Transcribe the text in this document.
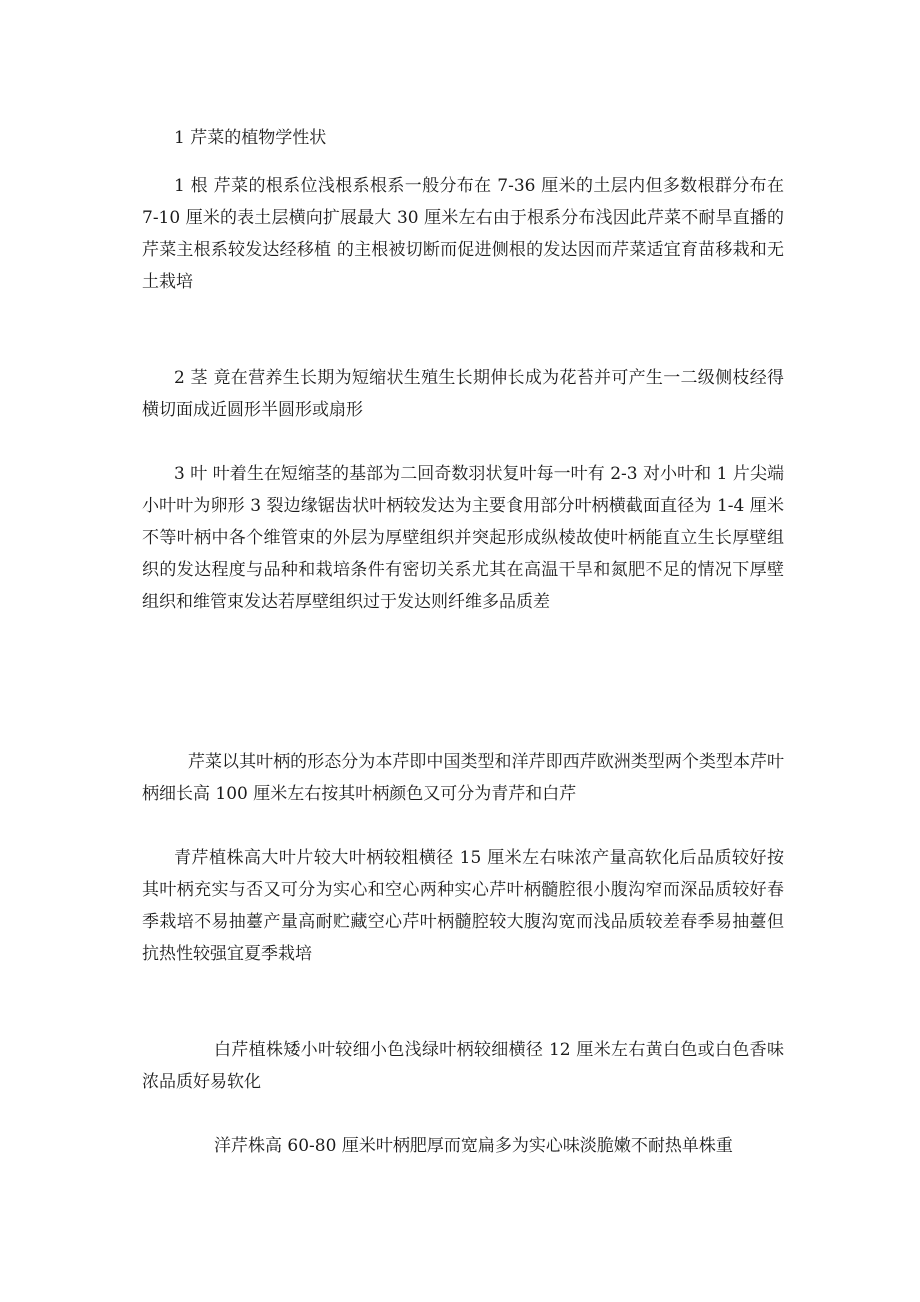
1 芹菜的植物学性状

1 根 芹菜的根系位浅根系根系一般分布在 7-36 厘米的土层内但多数根群分布在 7-10 厘米的表土层横向扩展最大 30 厘米左右由于根系分布浅因此芹菜不耐旱直播的芹菜主根系较发达经移植 的主根被切断而促进侧根的发达因而芹菜适宜育苗移栽和无土栽培

2 茎 竟在营养生长期为短缩状生殖生长期伸长成为花苔并可产生一二级侧枝经得横切面成近圆形半圆形或扇形

3 叶 叶着生在短缩茎的基部为二回奇数羽状复叶每一叶有 2-3 对小叶和 1 片尖端小叶叶为卵形 3 裂边缘锯齿状叶柄较发达为主要食用部分叶柄横截面直径为 1-4 厘米不等叶柄中各个维管束的外层为厚壁组织并突起形成纵棱故使叶柄能直立生长厚壁组织的发达程度与品种和栽培条件有密切关系尤其在高温干旱和氮肥不足的情况下厚壁组织和维管束发达若厚壁组织过于发达则纤维多品质差

芹菜以其叶柄的形态分为本芹即中国类型和洋芹即西芹欧洲类型两个类型本芹叶柄细长高 100 厘米左右按其叶柄颜色又可分为青芹和白芹

青芹植株高大叶片较大叶柄较粗横径 15 厘米左右味浓产量高软化后品质较好按其叶柄充实与否又可分为实心和空心两种实心芹叶柄髓腔很小腹沟窄而深品质较好春季栽培不易抽薹产量高耐贮藏空心芹叶柄髓腔较大腹沟宽而浅品质较差春季易抽薹但抗热性较强宜夏季栽培

白芹植株矮小叶较细小色浅绿叶柄较细横径 12 厘米左右黄白色或白色香味浓品质好易软化

洋芹株高 60-80 厘米叶柄肥厚而宽扁多为实心味淡脆嫩不耐热单株重
